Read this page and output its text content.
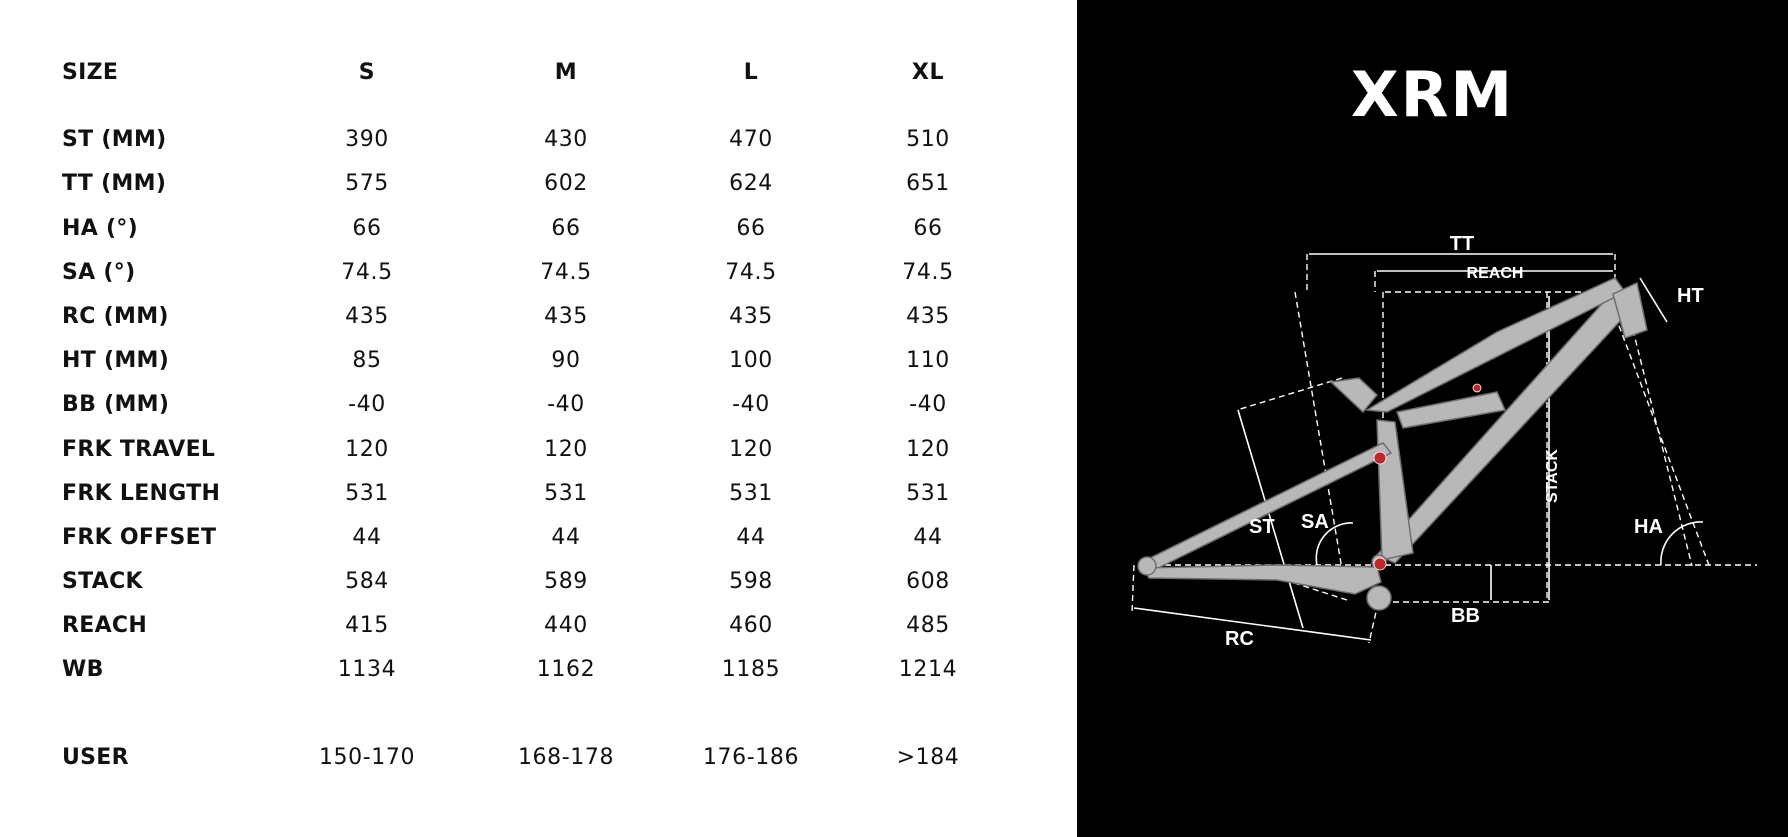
SIZE	S	M	L	XL
ST (MM)	390	430	470	510
TT (MM)	575	602	624	651
HA (°)	66	66	66	66
SA (°)	74.5	74.5	74.5	74.5
RC (MM)	435	435	435	435
HT (MM)	85	90	100	110
BB (MM)	-40	-40	-40	-40
FRK TRAVEL	120	120	120	120
FRK LENGTH	531	531	531	531
FRK OFFSET	44	44	44	44
STACK	584	589	598	608
REACH	415	440	460	485
WB	1134	1162	1185	1214
USER	150-170	168-178	176-186	>184
XRM
TT
REACH
HT
ST SA
STACK
HA
BB
RC
